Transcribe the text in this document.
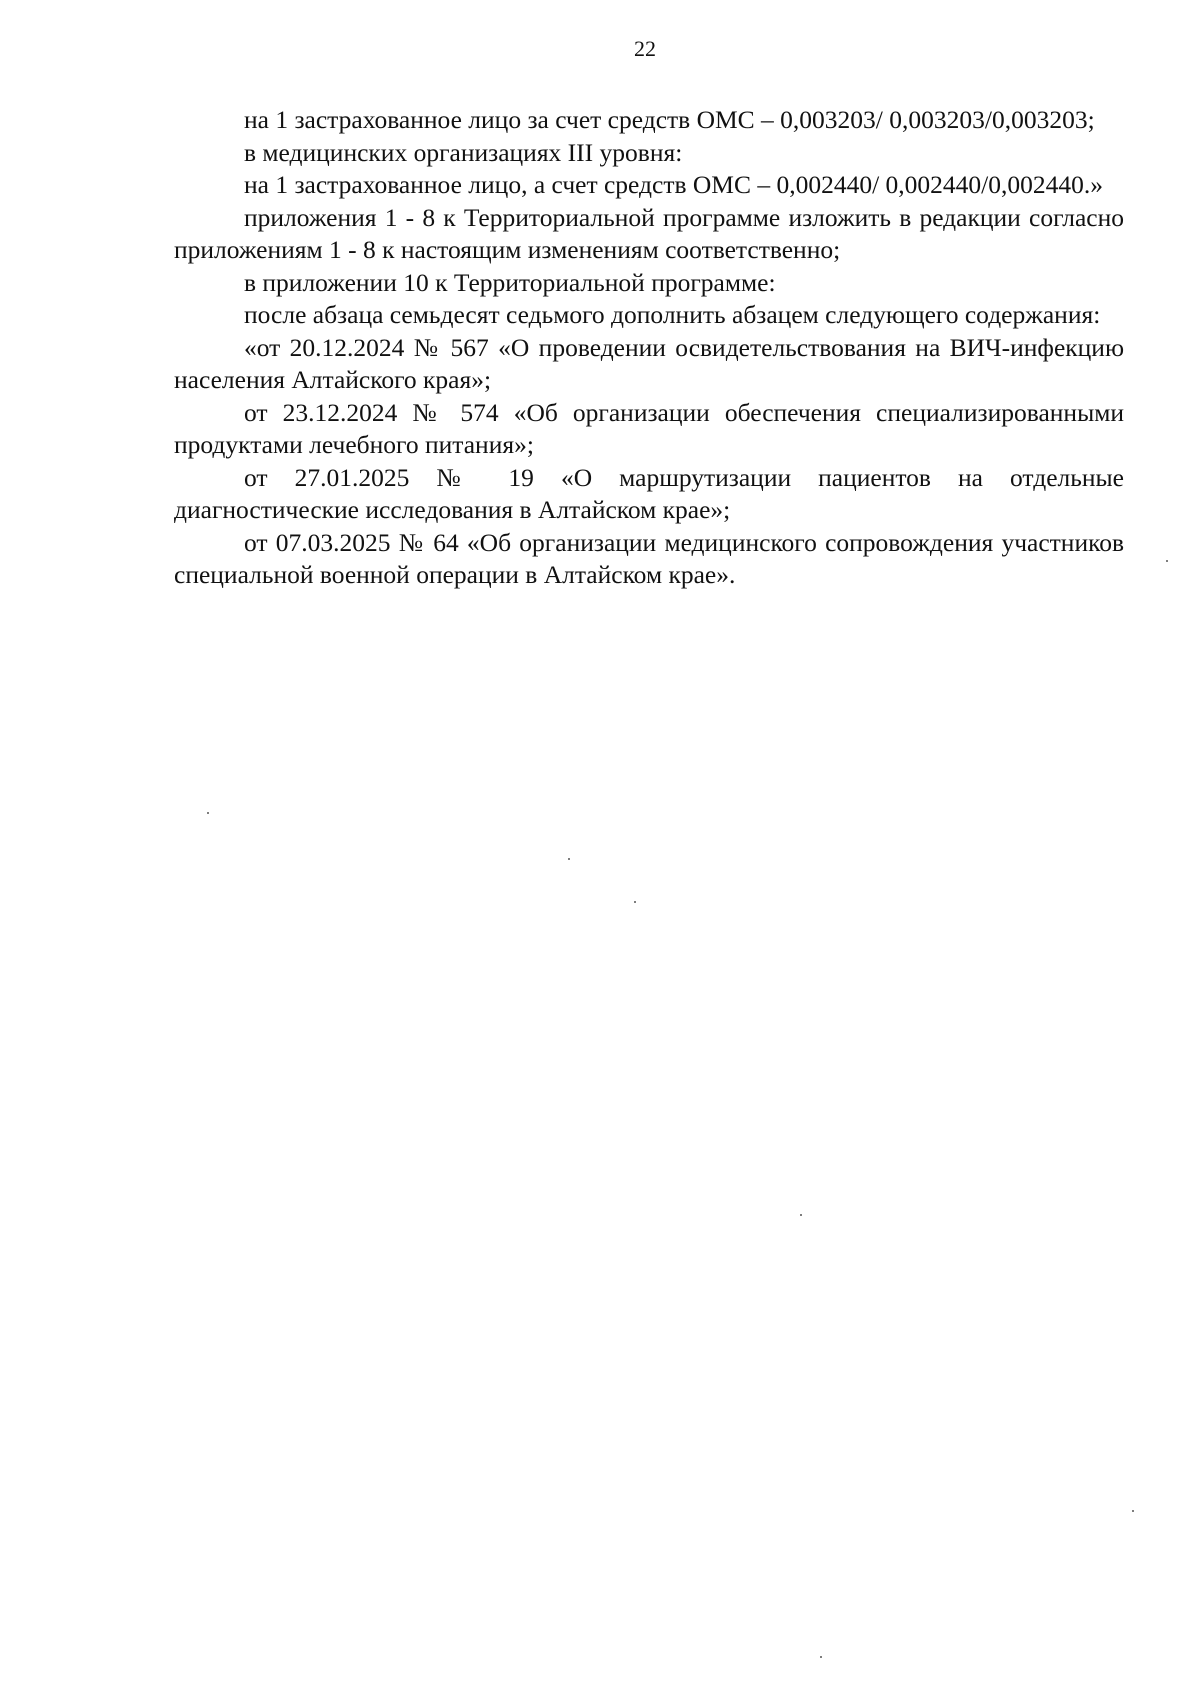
22

на 1 застрахованное лицо за счет средств ОМС – 0,003203/ 0,003203/0,003203;

в медицинских организациях III уровня:

на 1 застрахованное лицо, а счет средств ОМС – 0,002440/ 0,002440/0,002440.»

приложения 1 - 8 к Территориальной программе изложить в редакции согласно приложениям 1 - 8 к настоящим изменениям соответственно;

в приложении 10 к Территориальной программе:

после абзаца семьдесят седьмого дополнить абзацем следующего содержания:

«от 20.12.2024 № 567 «О проведении освидетельствования на ВИЧ-инфекцию населения Алтайского края»;

от 23.12.2024 № 574 «Об организации обеспечения специализированными продуктами лечебного питания»;

от 27.01.2025 № 19 «О маршрутизации пациентов на отдельные диагностические исследования в Алтайском крае»;

от 07.03.2025 № 64 «Об организации медицинского сопровождения участников специальной военной операции в Алтайском крае».
